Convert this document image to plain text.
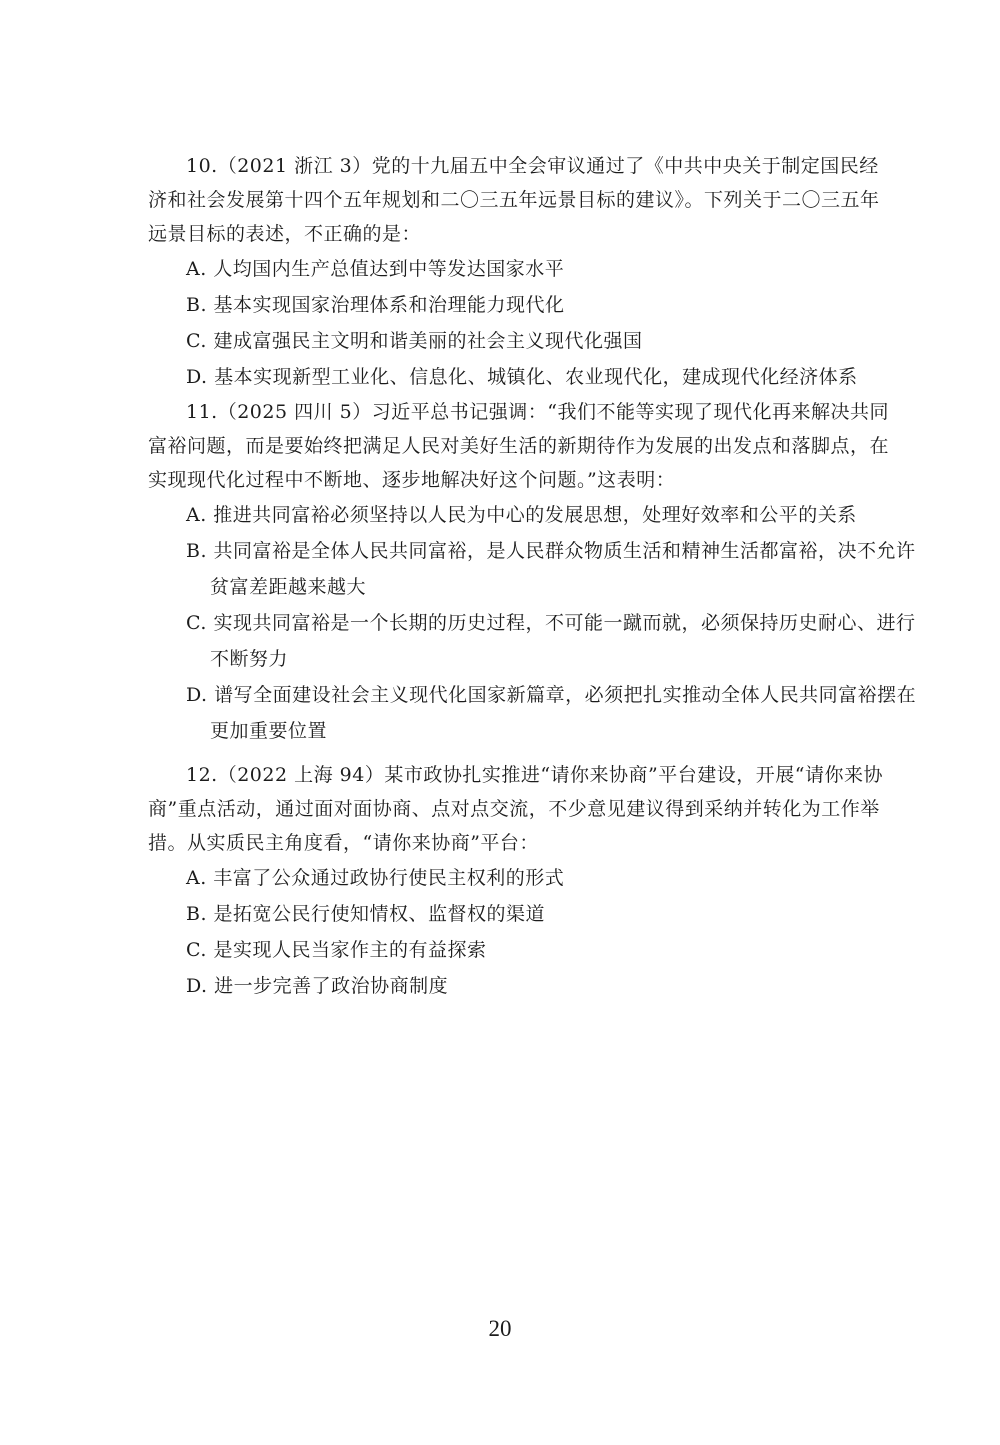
10.（2021 浙江 3）党的十九届五中全会审议通过了《中共中央关于制定国民经济和社会发展第十四个五年规划和二〇三五年远景目标的建议》。下列关于二〇三五年远景目标的表述，不正确的是：

A. 人均国内生产总值达到中等发达国家水平
B. 基本实现国家治理体系和治理能力现代化
C. 建成富强民主文明和谐美丽的社会主义现代化强国
D. 基本实现新型工业化、信息化、城镇化、农业现代化，建成现代化经济体系

11.（2025 四川 5）习近平总书记强调：“我们不能等实现了现代化再来解决共同富裕问题，而是要始终把满足人民对美好生活的新期待作为发展的出发点和落脚点，在实现现代化过程中不断地、逐步地解决好这个问题。”这表明：

A. 推进共同富裕必须坚持以人民为中心的发展思想，处理好效率和公平的关系
B. 共同富裕是全体人民共同富裕，是人民群众物质生活和精神生活都富裕，决不允许贫富差距越来越大
C. 实现共同富裕是一个长期的历史过程，不可能一蹴而就，必须保持历史耐心、进行不断努力
D. 谱写全面建设社会主义现代化国家新篇章，必须把扎实推动全体人民共同富裕摆在更加重要位置

12.（2022 上海 94）某市政协扎实推进“请你来协商”平台建设，开展“请你来协商”重点活动，通过面对面协商、点对点交流，不少意见建议得到采纳并转化为工作举措。从实质民主角度看，“请你来协商”平台：

A. 丰富了公众通过政协行使民主权利的形式
B. 是拓宽公民行使知情权、监督权的渠道
C. 是实现人民当家作主的有益探索
D. 进一步完善了政治协商制度
20
